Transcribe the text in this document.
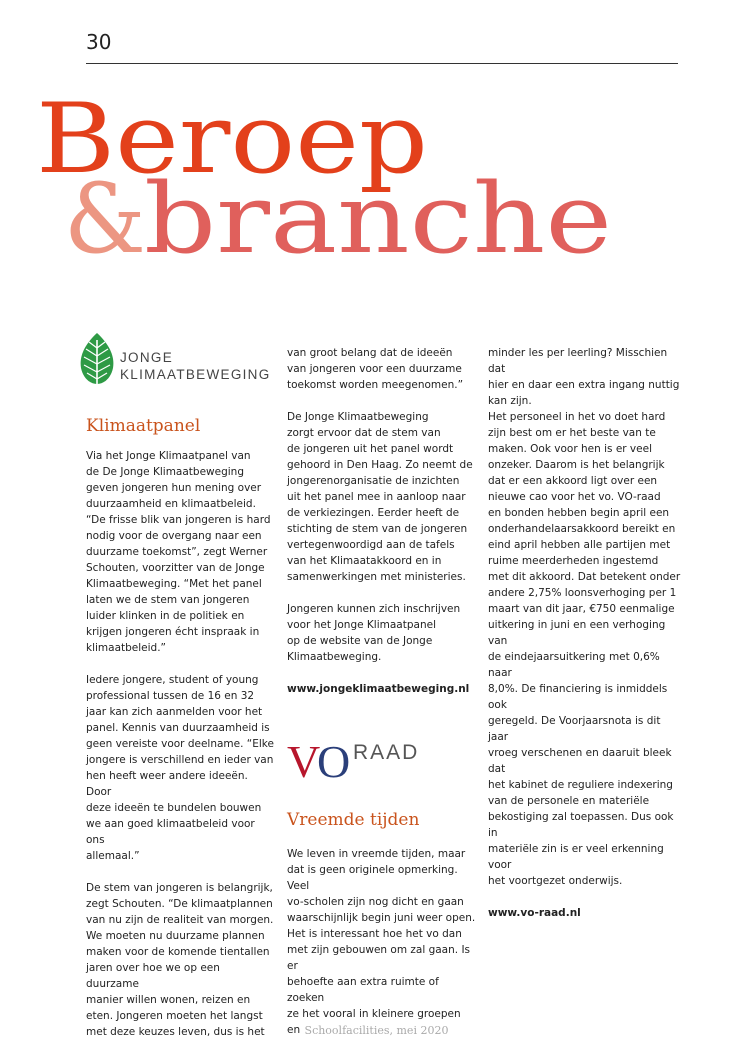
30
Beroep
&
branche
JONGE
KLIMAATBEWEGING
Klimaatpanel

Via het Jonge Klimaatpanel van

de De Jonge Klimaatbeweging

geven jongeren hun mening over

duurzaamheid en klimaatbeleid.

“De frisse blik van jongeren is hard

nodig voor de overgang naar een

duurzame toekomst”, zegt Werner

Schouten, voorzitter van de Jonge

Klimaatbeweging. “Met het panel

laten we de stem van jongeren

luider klinken in de politiek en

krijgen jongeren écht inspraak in

klimaatbeleid.”

Iedere jongere, student of young

professional tussen de 16 en 32

jaar kan zich aanmelden voor het

panel. Kennis van duurzaamheid is

geen vereiste voor deelname. “Elke

jongere is verschillend en ieder van

hen heeft weer andere ideeën. Door

deze ideeën te bundelen bouwen

we aan goed klimaatbeleid voor ons

allemaal.”

De stem van jongeren is belangrijk,

zegt Schouten. “De klimaatplannen

van nu zijn de realiteit van morgen.

We moeten nu duurzame plannen

maken voor de komende tientallen

jaren over hoe we op een duurzame

manier willen wonen, reizen en

eten. Jongeren moeten het langst

met deze keuzes leven, dus is het

van groot belang dat de ideeën

van jongeren voor een duurzame

toekomst worden meegenomen.”

De Jonge Klimaatbeweging

zorgt ervoor dat de stem van

de jongeren uit het panel wordt

gehoord in Den Haag. Zo neemt de

jongerenorganisatie de inzichten

uit het panel mee in aanloop naar

de verkiezingen. Eerder heeft de

stichting de stem van de jongeren

vertegenwoordigd aan de tafels

van het Klimaatakkoord en in

samenwerkingen met ministeries.

Jongeren kunnen zich inschrijven

voor het Jonge Klimaatpanel

op de website van de Jonge

Klimaatbeweging.

www.jongeklimaatbeweging.nl

V
O RAAD
Vreemde tijden

We leven in vreemde tijden, maar

dat is geen originele opmerking. Veel

vo-scholen zijn nog dicht en gaan

waarschijnlijk begin juni weer open.

Het is interessant hoe het vo dan

met zijn gebouwen om zal gaan. Is er

behoefte aan extra ruimte of zoeken

ze het vooral in kleinere groepen en

minder les per leerling? Misschien dat

hier en daar een extra ingang nuttig

kan zijn.

Het personeel in het vo doet hard

zijn best om er het beste van te

maken. Ook voor hen is er veel

onzeker. Daarom is het belangrijk

dat er een akkoord ligt over een

nieuwe cao voor het vo. VO-raad

en bonden hebben begin april een

onderhandelaarsakkoord bereikt en

eind april hebben alle partijen met

ruime meerderheden ingestemd

met dit akkoord. Dat betekent onder

andere 2,75% loonsverhoging per 1

maart van dit jaar, €750 eenmalige

uitkering in juni en een verhoging van

de eindejaarsuitkering met 0,6% naar

8,0%. De financiering is inmiddels ook

geregeld. De Voorjaarsnota is dit jaar

vroeg verschenen en daaruit bleek dat

het kabinet de reguliere indexering

van de personele en materiële

bekostiging zal toepassen. Dus ook in

materiële zin is er veel erkenning voor

het voortgezet onderwijs.

www.vo-raad.nl

Schoolfacilities, mei 2020
